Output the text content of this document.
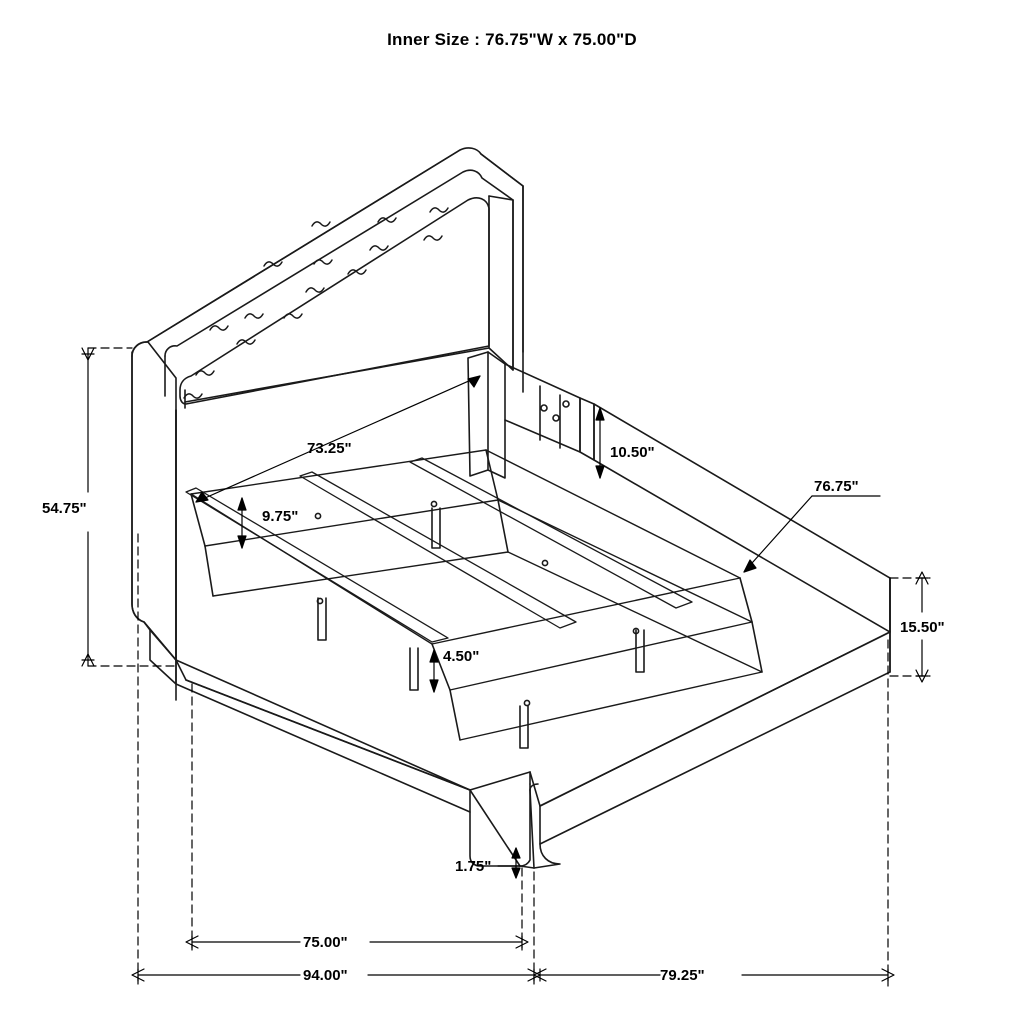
Inner Size : 76.75"W x 75.00"D
54.75"
73.25"	10.50"
76.75"
9.75"
15.50"
4.50"
1.75"
75.00"
94.00"	79.25"
